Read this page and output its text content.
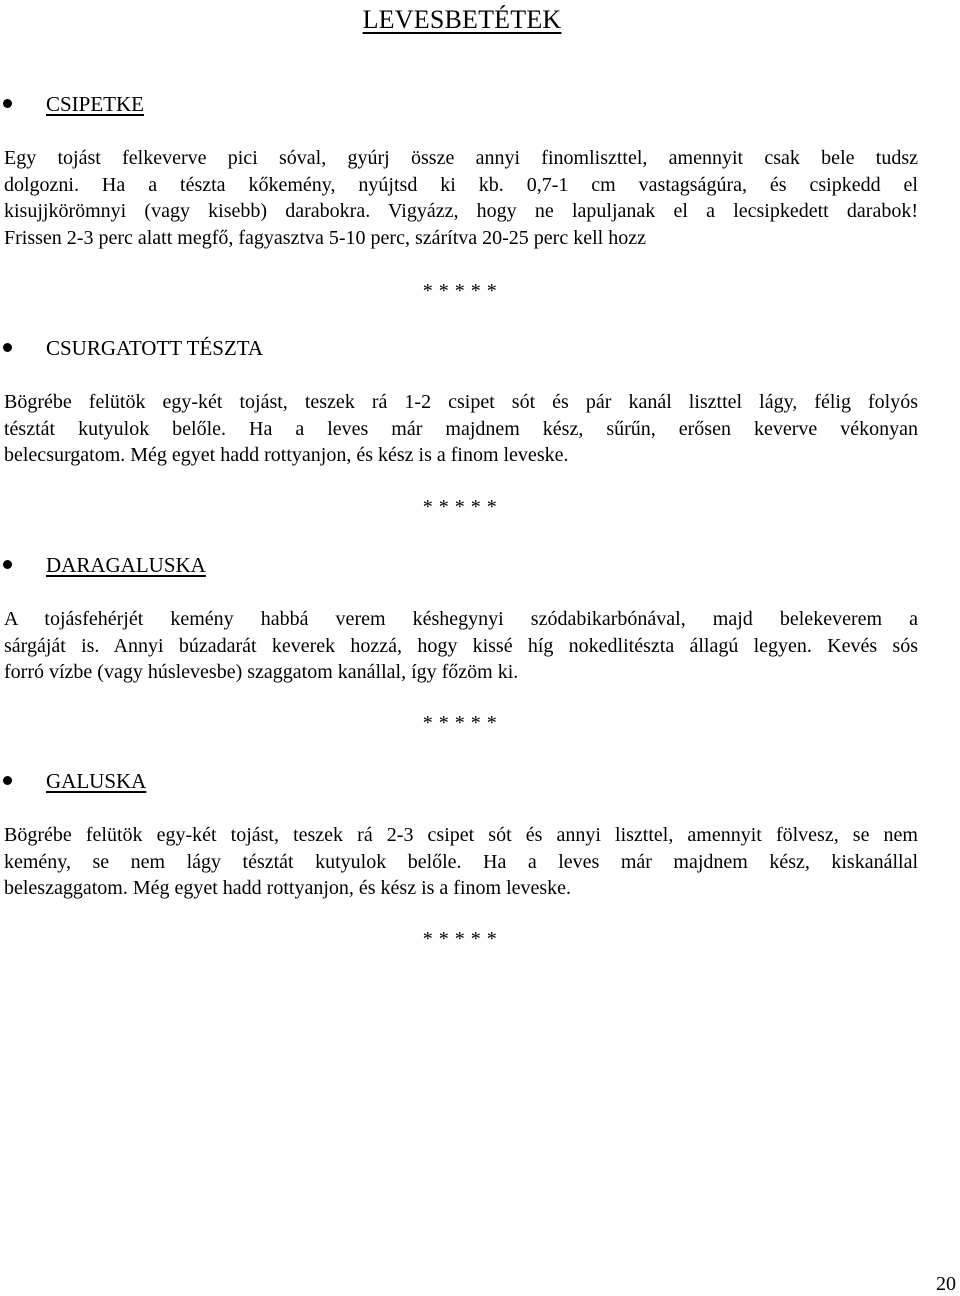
LEVESBETÉTEK
CSIPETKE
Egy tojást felkeverve pici sóval, gyúrj össze annyi finomliszttel, amennyit csak bele tudsz
dolgozni. Ha a tészta kőkemény, nyújtsd ki kb. 0,7-1 cm vastagságúra, és csipkedd el
kisujjkörömnyi (vagy kisebb) darabokra. Vigyázz, hogy ne lapuljanak el a lecsipkedett darabok!
Frissen 2-3 perc alatt megfő, fagyasztva 5-10 perc, szárítva 20-25 perc kell hozz
* * * * *
CSURGATOTT TÉSZTA
Bögrébe felütök egy-két tojást, teszek rá 1-2 csipet sót és pár kanál liszttel lágy, félig folyós
tésztát kutyulok belőle. Ha a leves már majdnem kész, sűrűn, erősen keverve vékonyan
belecsurgatom. Még egyet hadd rottyanjon, és kész is a finom leveske.
* * * * *
DARAGALUSKA
A tojásfehérjét kemény habbá verem késhegynyi szódabikarbónával, majd belekeverem a
sárgáját is. Annyi búzadarát keverek hozzá, hogy kissé híg nokedlitészta állagú legyen. Kevés sós
forró vízbe (vagy húslevesbe) szaggatom kanállal, így főzöm ki.
* * * * *
GALUSKA
Bögrébe felütök egy-két tojást, teszek rá 2-3 csipet sót és annyi liszttel, amennyit fölvesz, se nem
kemény, se nem lágy tésztát kutyulok belőle. Ha a leves már majdnem kész, kiskanállal
beleszaggatom. Még egyet hadd rottyanjon, és kész is a finom leveske.
* * * * *
20
